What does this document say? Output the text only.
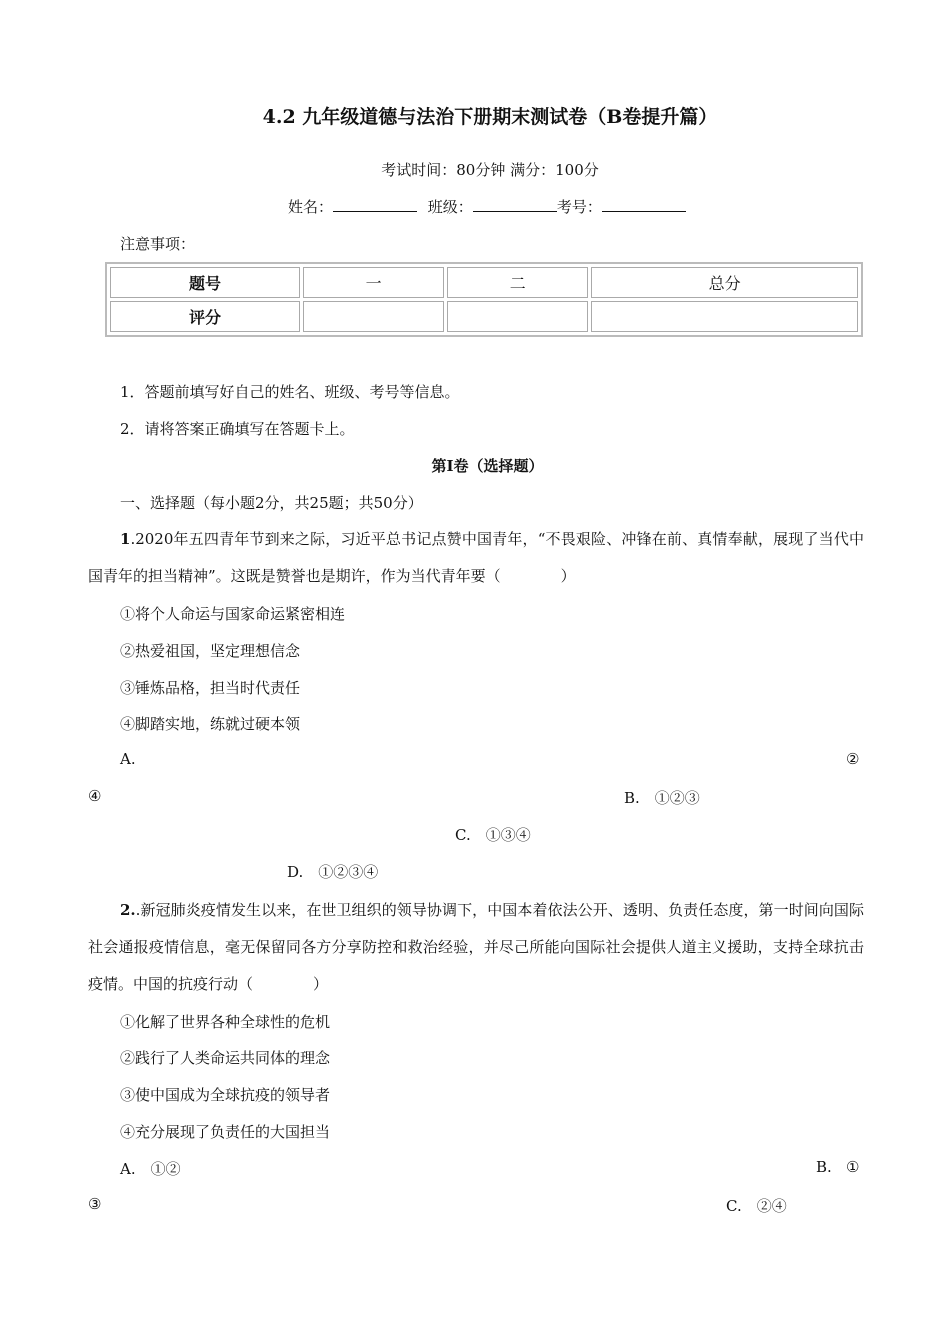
4.2 九年级道德与法治下册期末测试卷（B卷提升篇）
考试时间：80分钟 满分：100分
姓名：	班级：	考号：
注意事项：
题号	一	二	总分
评分			
1．答题前填写好自己的姓名、班级、考号等信息。
2．请将答案正确填写在答题卡上。
第I卷（选择题）
一、选择题（每小题2分，共25题；共50分）
1.2020年五四青年节到来之际，习近平总书记点赞中国青年，“不畏艰险、冲锋在前、真情奉献，展现了当代中国青年的担当精神”。这既是赞誉也是期许，作为当代青年要（　　　　）
①将个人命运与国家命运紧密相连
②热爱祖国，坚定理想信念
③锤炼品格，担当时代责任
④脚踏实地，练就过硬本领
A.	②
④	B.　①②③
C.　①③④
D.　①②③④
2..新冠肺炎疫情发生以来，在世卫组织的领导协调下，中国本着依法公开、透明、负责任态度，第一时间向国际社会通报疫情信息，毫无保留同各方分享防控和救治经验，并尽己所能向国际社会提供人道主义援助，支持全球抗击疫情。中国的抗疫行动（　　　　）
①化解了世界各种全球性的危机
②践行了人类命运共同体的理念
③使中国成为全球抗疫的领导者
④充分展现了负责任的大国担当
A.　①②	B. ①
③	C.　②④
